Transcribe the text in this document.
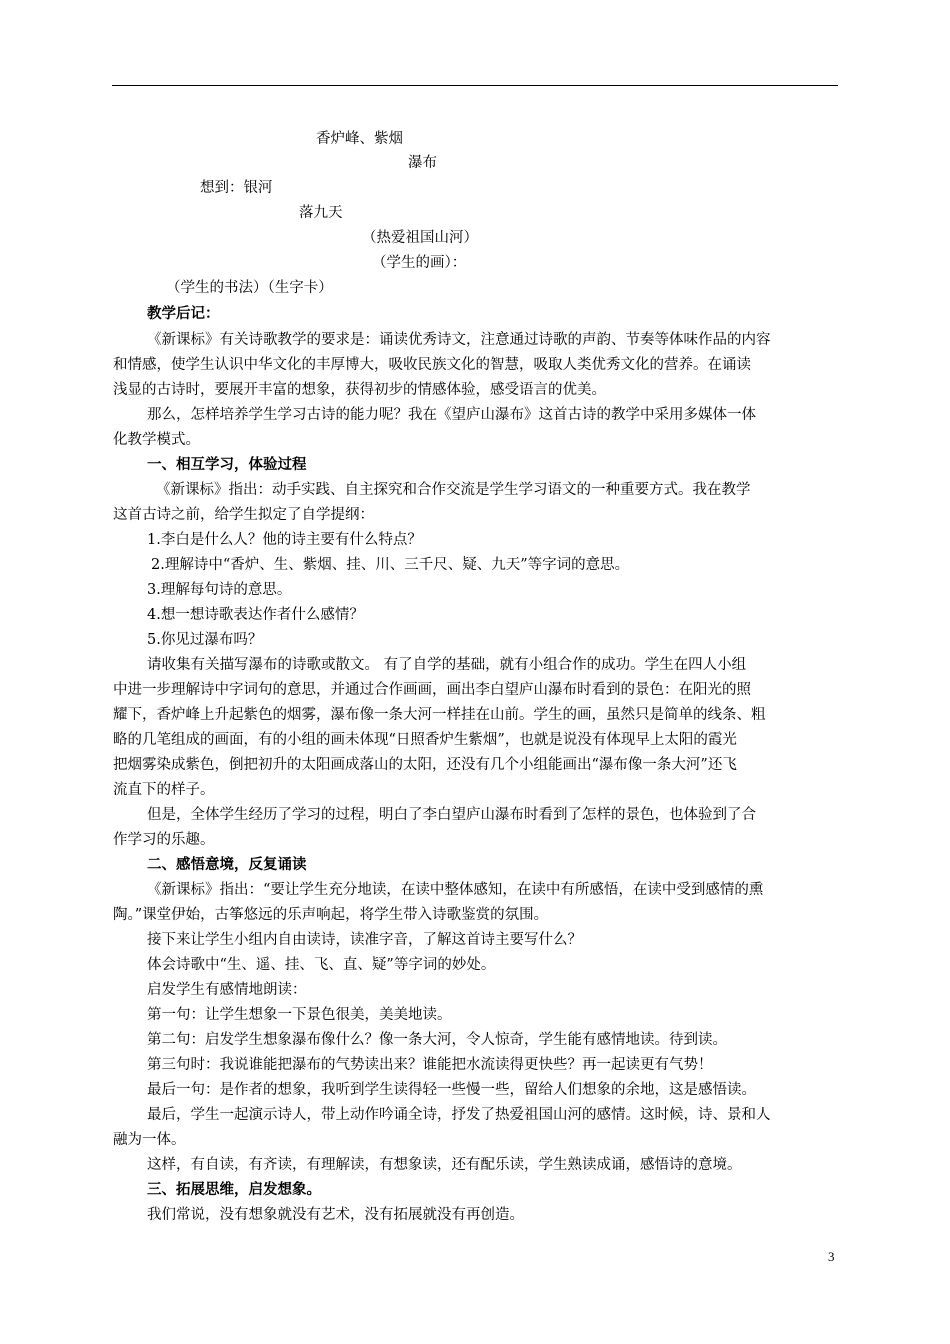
香炉峰、紫烟
瀑布
想到：银河
落九天
（热爱祖国山河）
（学生的画）：
（学生的书法）（生字卡）
教学后记：
《新课标》有关诗歌教学的要求是：诵读优秀诗文，注意通过诗歌的声韵、节奏等体味作品的内容
和情感，使学生认识中华文化的丰厚博大，吸收民族文化的智慧，吸取人类优秀文化的营养。在诵读
浅显的古诗时，要展开丰富的想象，获得初步的情感体验，感受语言的优美。
那么，怎样培养学生学习古诗的能力呢？我在《望庐山瀑布》这首古诗的教学中采用多媒体一体
化教学模式。
一、相互学习，体验过程
《新课标》指出：动手实践、自主探究和合作交流是学生学习语文的一种重要方式。我在教学
这首古诗之前，给学生拟定了自学提纲：
1.李白是什么人？他的诗主要有什么特点？
2.理解诗中“香炉、生、紫烟、挂、川、三千尺、疑、九天”等字词的意思。
3.理解每句诗的意思。
4.想一想诗歌表达作者什么感情？
5.你见过瀑布吗？
请收集有关描写瀑布的诗歌或散文。 有了自学的基础，就有小组合作的成功。学生在四人小组
中进一步理解诗中字词句的意思，并通过合作画画，画出李白望庐山瀑布时看到的景色：在阳光的照
耀下，香炉峰上升起紫色的烟雾，瀑布像一条大河一样挂在山前。学生的画，虽然只是简单的线条、粗
略的几笔组成的画面，有的小组的画未体现“日照香炉生紫烟”，也就是说没有体现早上太阳的霞光
把烟雾染成紫色，倒把初升的太阳画成落山的太阳，还没有几个小组能画出“瀑布像一条大河”还飞
流直下的样子。
但是，全体学生经历了学习的过程，明白了李白望庐山瀑布时看到了怎样的景色，也体验到了合
作学习的乐趣。
二、感悟意境，反复诵读
《新课标》指出：“要让学生充分地读，在读中整体感知，在读中有所感悟，在读中受到感情的熏
陶。”课堂伊始，古筝悠远的乐声响起，将学生带入诗歌鉴赏的氛围。
接下来让学生小组内自由读诗，读准字音，了解这首诗主要写什么？
体会诗歌中“生、遥、挂、飞、直、疑”等字词的妙处。
启发学生有感情地朗读：
第一句：让学生想象一下景色很美，美美地读。
第二句：启发学生想象瀑布像什么？像一条大河，令人惊奇，学生能有感情地读。待到读。
第三句时：我说谁能把瀑布的气势读出来？谁能把水流读得更快些？再一起读更有气势！
最后一句：是作者的想象，我听到学生读得轻一些慢一些，留给人们想象的余地，这是感悟读。
最后，学生一起演示诗人，带上动作吟诵全诗，抒发了热爱祖国山河的感情。这时候，诗、景和人
融为一体。
这样，有自读，有齐读，有理解读，有想象读，还有配乐读，学生熟读成诵，感悟诗的意境。
三、拓展思维，启发想象。
我们常说，没有想象就没有艺术，没有拓展就没有再创造。
3
